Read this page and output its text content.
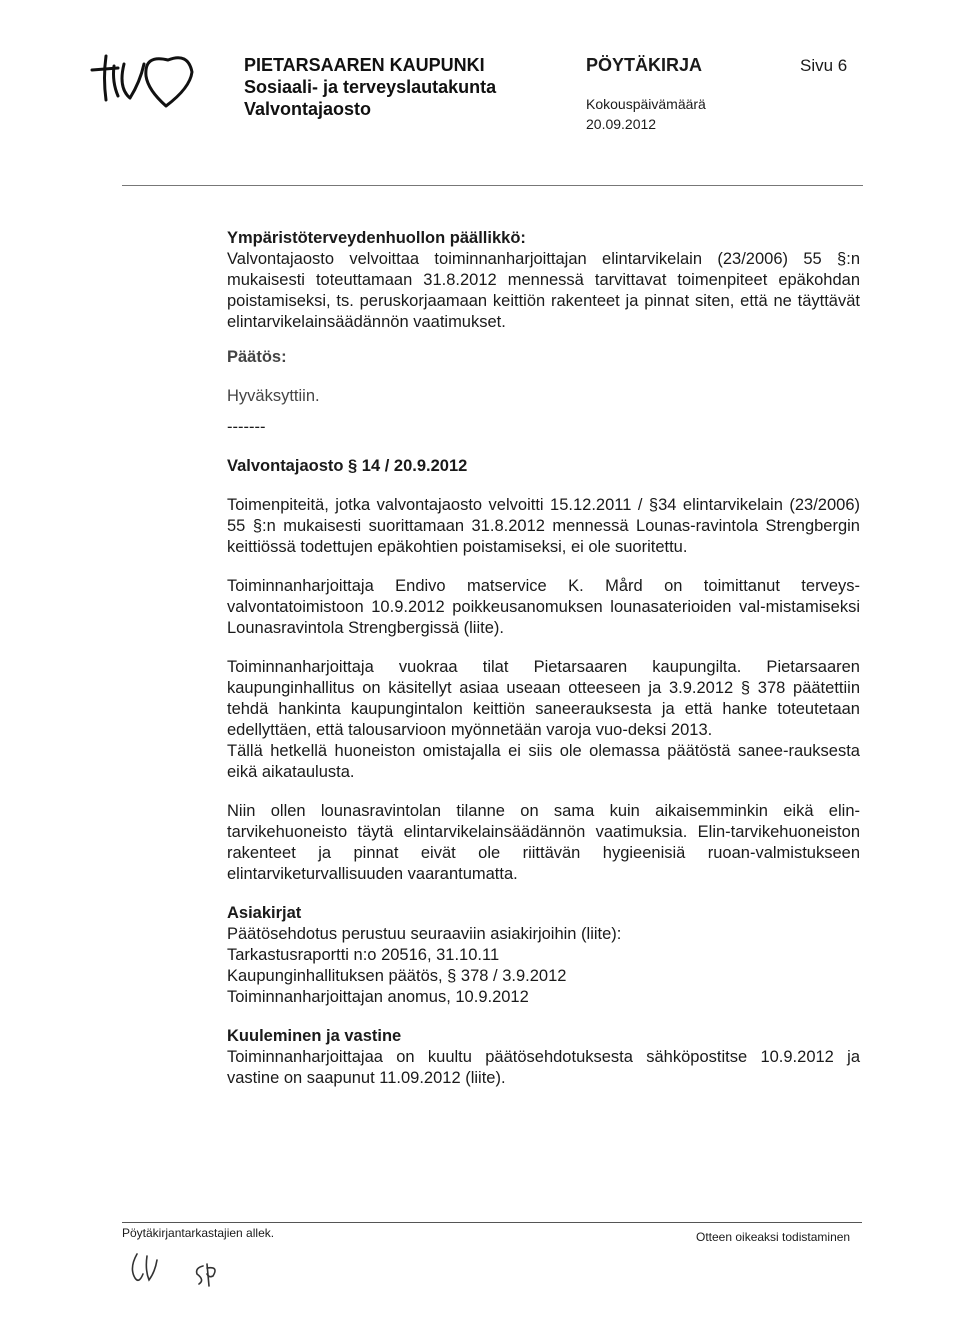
PIETARSAAREN KAUPUNKI
Sosiaali- ja terveyslautakunta
Valvontajaosto
PÖYTÄKIRJA
Kokouspäivämäärä
20.09.2012
Sivu 6

Ympäristöterveydenhuollon päällikkö:

Valvontajaosto velvoittaa toiminnanharjoittajan elintarvikelain (23/2006) 55 §:n mukaisesti toteuttamaan 31.8.2012 mennessä tarvittavat toimenpiteet epäkohdan poistamiseksi, ts. peruskorjaamaan keittiön rakenteet ja pinnat siten, että ne täyttävät elintarvikelainsäädännön vaatimukset.

Päätös:

Hyväksyttiin.

-------

Valvontajaosto § 14 / 20.9.2012

Toimenpiteitä, jotka valvontajaosto velvoitti 15.12.2011 / §34 elintarvikelain (23/2006) 55 §:n mukaisesti suorittamaan 31.8.2012 mennessä Lounas-ravintola Strengbergin keittiössä todettujen epäkohtien poistamiseksi, ei ole suoritettu.

Toiminnanharjoittaja Endivo matservice K. Mård on toimittanut terveys-valvontatoimistoon 10.9.2012 poikkeusanomuksen lounasaterioiden val-mistamiseksi Lounasravintola Strengbergissä (liite).

Toiminnanharjoittaja vuokraa tilat Pietarsaaren kaupungilta. Pietarsaaren kaupunginhallitus on käsitellyt asiaa useaan otteeseen ja 3.9.2012 § 378 päätettiin tehdä hankinta kaupungintalon keittiön saneerauksesta ja että hanke toteutetaan edellyttäen, että talousarvioon myönnetään varoja vuo-deksi 2013.

Tällä hetkellä huoneiston omistajalla ei siis ole olemassa päätöstä sanee-rauksesta eikä aikataulusta.

Niin ollen lounasravintolan tilanne on sama kuin aikaisemminkin eikä elin-tarvikehuoneisto täytä elintarvikelainsäädännön vaatimuksia. Elin-tarvikehuoneiston rakenteet ja pinnat eivät ole riittävän hygieenisiä ruoan-valmistukseen elintarviketurvallisuuden vaarantumatta.

Asiakirjat

Päätösehdotus perustuu seuraaviin asiakirjoihin (liite):

Tarkastusraportti n:o 20516, 31.10.11

Kaupunginhallituksen päätös, § 378 / 3.9.2012

Toiminnanharjoittajan anomus, 10.9.2012

Kuuleminen ja vastine

Toiminnanharjoittajaa on kuultu päätösehdotuksesta sähköpostitse 10.9.2012 ja vastine on saapunut 11.09.2012 (liite).

Pöytäkirjantarkastajien allek.	Otteen oikeaksi todistaminen
